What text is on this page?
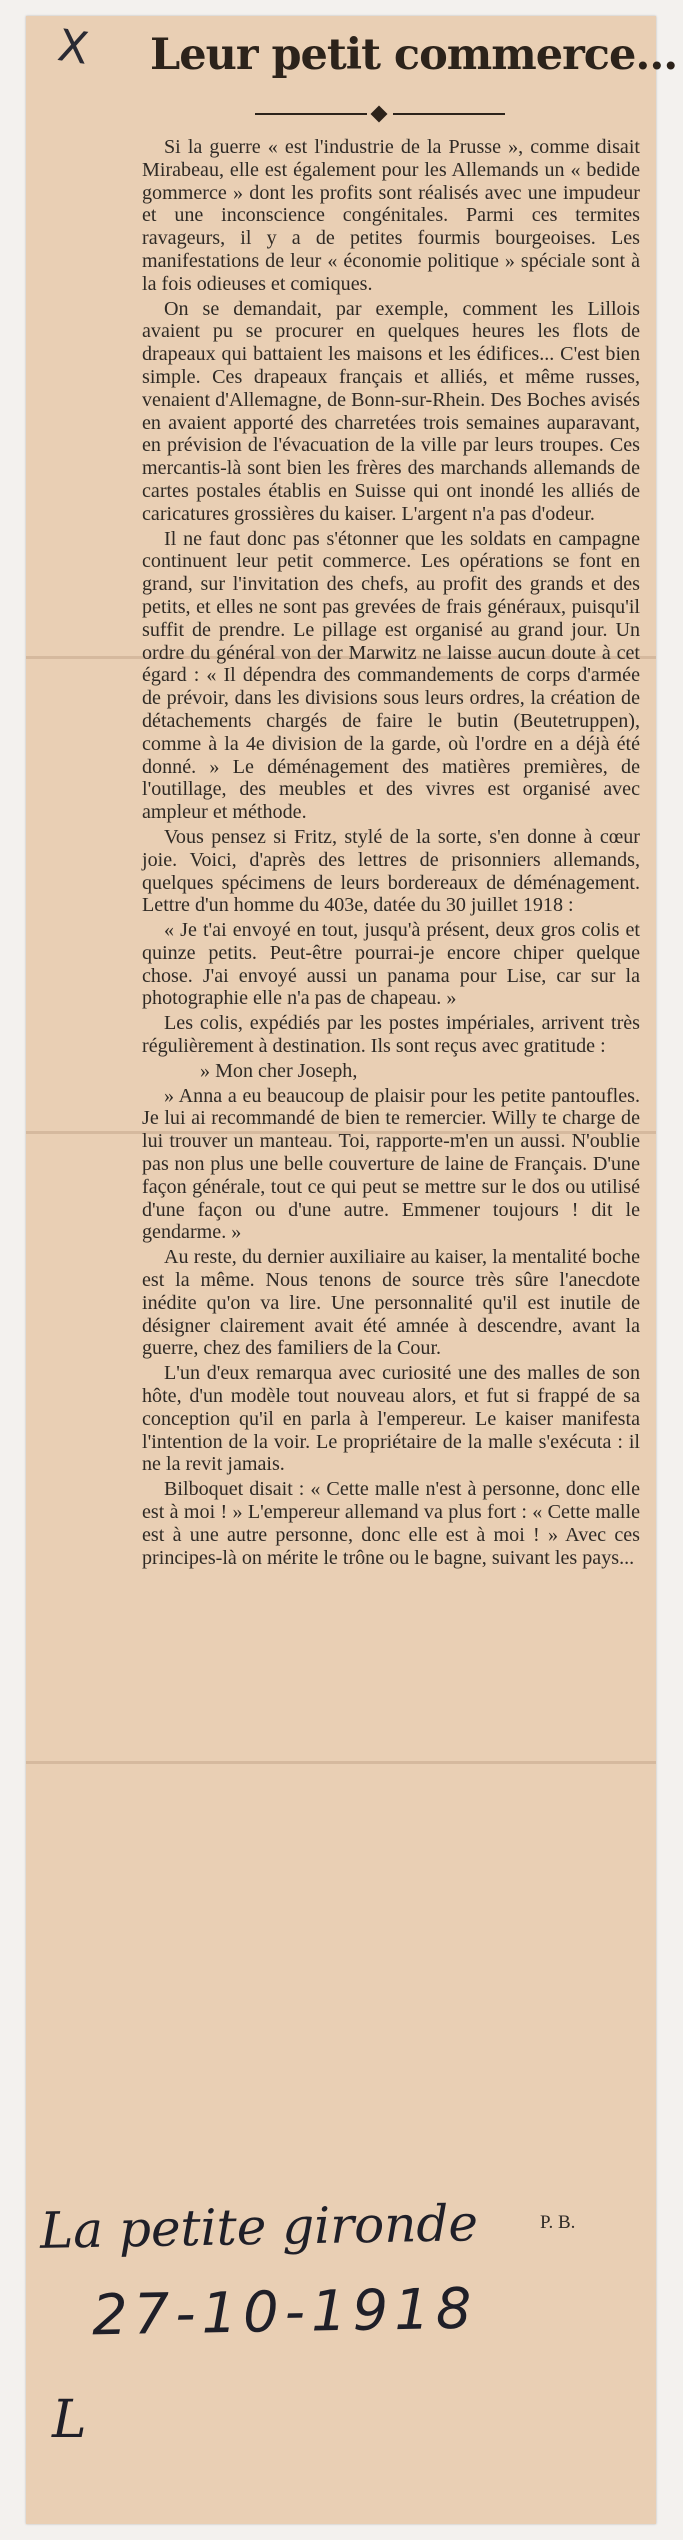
X Leur petit commerce...

Si la guerre « est l'industrie de la Prusse », comme disait Mirabeau, elle est également pour les Allemands un « bedide gommerce » dont les profits sont réalisés avec une impudeur et une inconscience congénitales. Parmi ces termites ravageurs, il y a de petites fourmis bourgeoises. Les manifestations de leur « économie politique » spéciale sont à la fois odieuses et comiques.

On se demandait, par exemple, comment les Lillois avaient pu se procurer en quelques heures les flots de drapeaux qui battaient les maisons et les édifices... C'est bien simple. Ces drapeaux français et alliés, et même russes, venaient d'Allemagne, de Bonn-sur-Rhein. Des Boches avisés en avaient apporté des charretées trois semaines auparavant, en prévision de l'évacuation de la ville par leurs troupes. Ces mercantis-là sont bien les frères des marchands allemands de cartes postales établis en Suisse qui ont inondé les alliés de caricatures grossières du kaiser. L'argent n'a pas d'odeur.

Il ne faut donc pas s'étonner que les soldats en campagne continuent leur petit commerce. Les opérations se font en grand, sur l'invitation des chefs, au profit des grands et des petits, et elles ne sont pas grevées de frais généraux, puisqu'il suffit de prendre. Le pillage est organisé au grand jour. Un ordre du général von der Marwitz ne laisse aucun doute à cet égard : « Il dépendra des commandements de corps d'armée de prévoir, dans les divisions sous leurs ordres, la création de détachements chargés de faire le butin (Beutetruppen), comme à la 4e division de la garde, où l'ordre en a déjà été donné. » Le déménagement des matières premières, de l'outillage, des meubles et des vivres est organisé avec ampleur et méthode.

Vous pensez si Fritz, stylé de la sorte, s'en donne à cœur joie. Voici, d'après des lettres de prisonniers allemands, quelques spécimens de leurs bordereaux de déménagement. Lettre d'un homme du 403e, datée du 30 juillet 1918 :

« Je t'ai envoyé en tout, jusqu'à présent, deux gros colis et quinze petits. Peut-être pourrai-je encore chiper quelque chose. J'ai envoyé aussi un panama pour Lise, car sur la photographie elle n'a pas de chapeau. »

Les colis, expédiés par les postes impériales, arrivent très régulièrement à destination. Ils sont reçus avec gratitude :

» Mon cher Joseph,

» Anna a eu beaucoup de plaisir pour les petite pantoufles. Je lui ai recommandé de bien te remercier. Willy te charge de lui trouver un manteau. Toi, rapporte-m'en un aussi. N'oublie pas non plus une belle couverture de laine de Français. D'une façon générale, tout ce qui peut se mettre sur le dos ou utilisé d'une façon ou d'une autre. Emmener toujours ! dit le gendarme. »

Au reste, du dernier auxiliaire au kaiser, la mentalité boche est la même. Nous tenons de source très sûre l'anecdote inédite qu'on va lire. Une personnalité qu'il est inutile de désigner clairement avait été amnée à descendre, avant la guerre, chez des familiers de la Cour.

L'un d'eux remarqua avec curiosité une des malles de son hôte, d'un modèle tout nouveau alors, et fut si frappé de sa conception qu'il en parla à l'empereur. Le kaiser manifesta l'intention de la voir. Le propriétaire de la malle s'exécuta : il ne la revit jamais.

Bilboquet disait : « Cette malle n'est à personne, donc elle est à moi ! » L'empereur allemand va plus fort : « Cette malle est à une autre personne, donc elle est à moi ! » Avec ces principes-là on mérite le trône ou le bagne, suivant les pays...

P. B.
La petite gironde
27-10-1918
L
